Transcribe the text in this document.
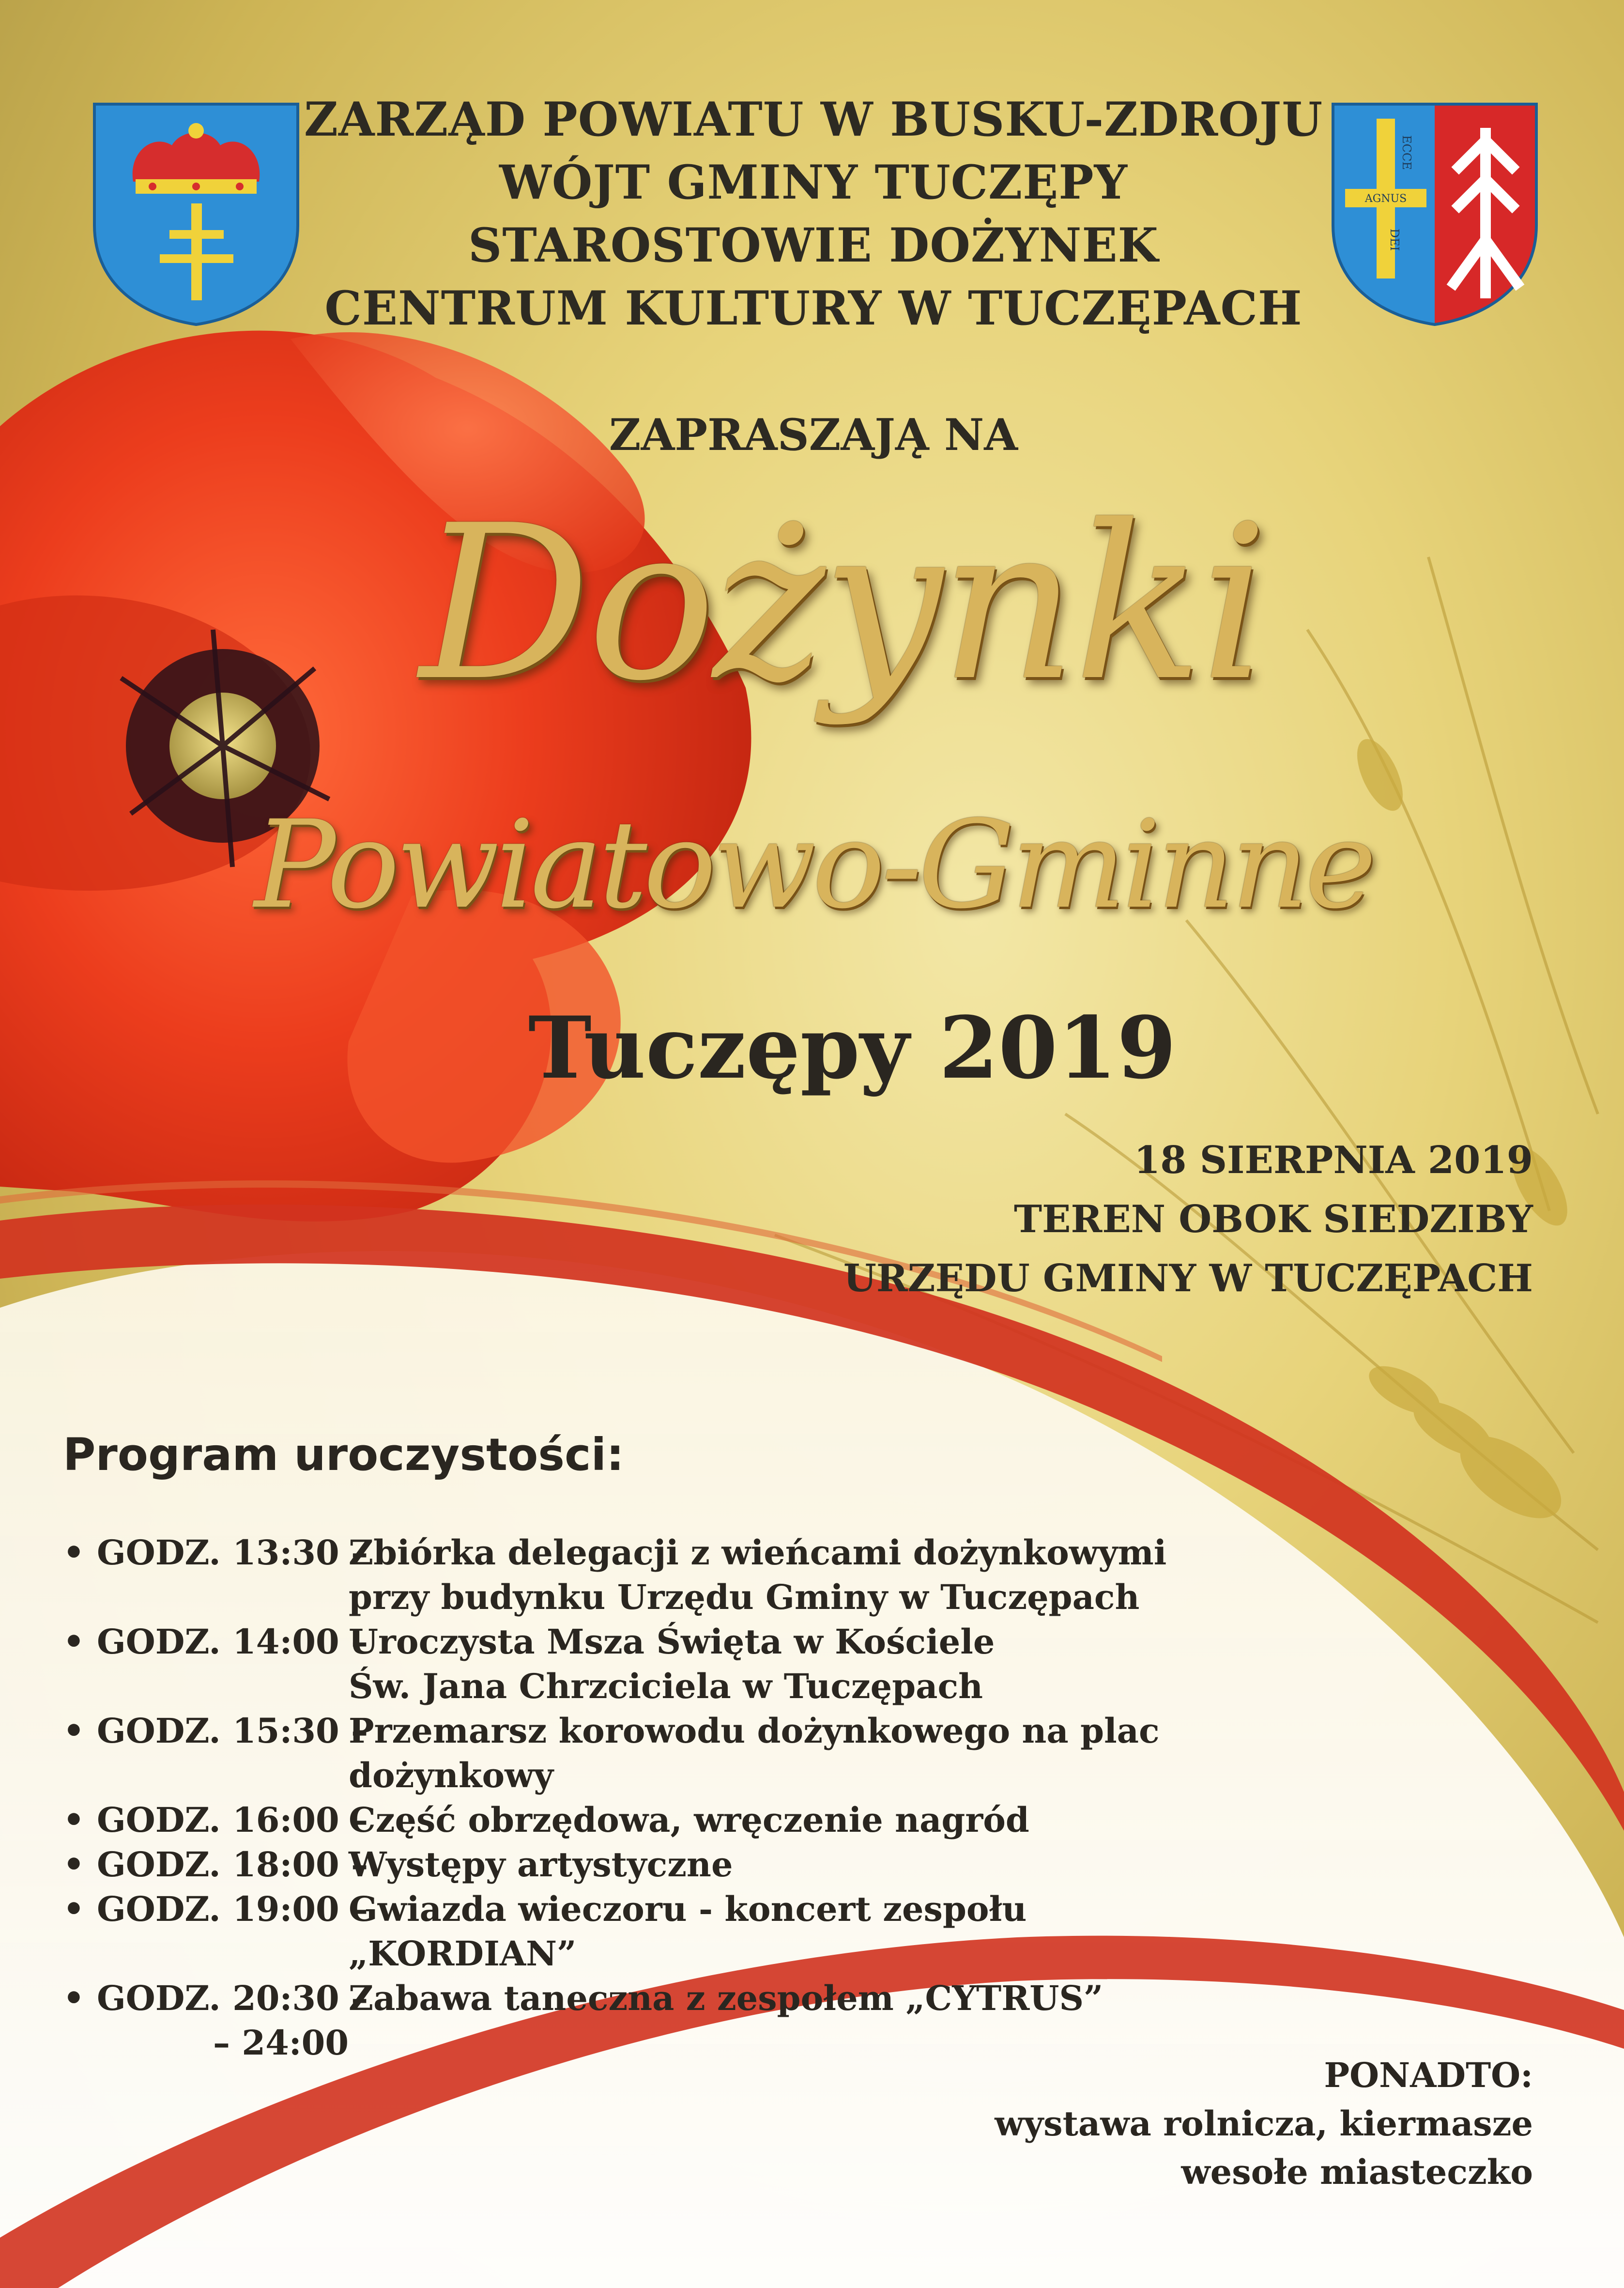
ECCE
AGNUS
DEI
ZARZĄD POWIATU W BUSKU-ZDROJU
WÓJT GMINY TUCZĘPY
STAROSTOWIE DOŻYNEK
CENTRUM KULTURY W TUCZĘPACH
ZAPRASZAJĄ NA
Dożynki
Powiatowo-Gminne
Tuczępy 2019
18 SIERPNIA 2019
TEREN OBOK SIEDZIBY
URZĘDU GMINY W TUCZĘPACH
Program uroczystości:
• GODZ. 13:30 –
Zbiórka delegacji z wieńcami dożynkowymi
przy budynku Urzędu Gminy w Tuczępach
• GODZ. 14:00 –
Uroczysta Msza Święta w Kościele
Św. Jana Chrzciciela w Tuczępach
• GODZ. 15:30 –
Przemarsz korowodu dożynkowego na plac
dożynkowy
• GODZ. 16:00 –
Część obrzędowa, wręczenie nagród
• GODZ. 18:00 –
Występy artystyczne
• GODZ. 19:00 –
Gwiazda wieczoru - koncert zespołu „KORDIAN”
• GODZ. 20:30 –
Zabawa taneczna z zespołem „CYTRUS”
– 24:00
PONADTO:
wystawa rolnicza, kiermasze
wesołe miasteczko
